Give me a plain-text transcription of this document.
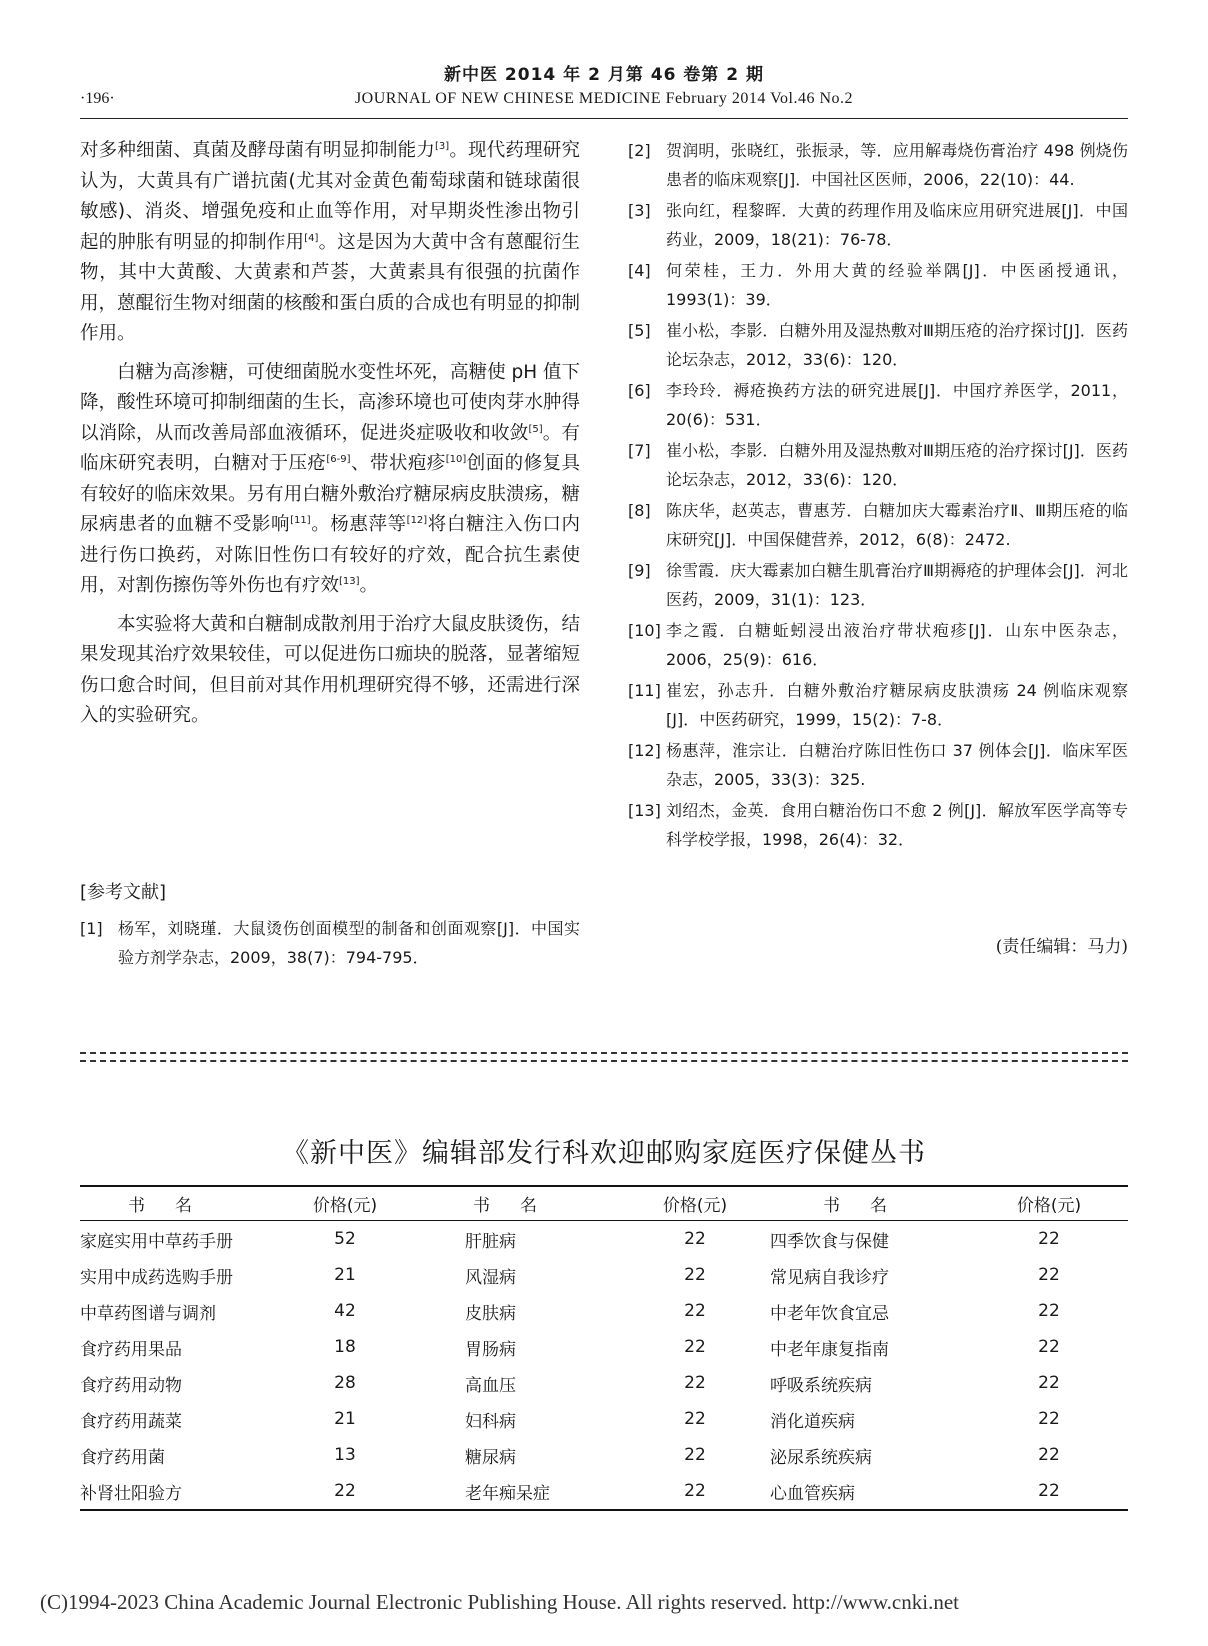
新中医 2014 年 2 月第 46 卷第 2 期
·196·	JOURNAL OF NEW CHINESE MEDICINE February 2014 Vol.46 No.2

对多种细菌、真菌及酵母菌有明显抑制能力[3]。现代药理研究认为，大黄具有广谱抗菌(尤其对金黄色葡萄球菌和链球菌很敏感)、消炎、增强免疫和止血等作用，对早期炎性渗出物引起的肿胀有明显的抑制作用[4]。这是因为大黄中含有蒽醌衍生物，其中大黄酸、大黄素和芦荟，大黄素具有很强的抗菌作用，蒽醌衍生物对细菌的核酸和蛋白质的合成也有明显的抑制作用。

白糖为高渗糖，可使细菌脱水变性坏死，高糖使 pH 值下降，酸性环境可抑制细菌的生长，高渗环境也可使肉芽水肿得以消除，从而改善局部血液循环，促进炎症吸收和收敛[5]。有临床研究表明，白糖对于压疮[6-9]、带状疱疹[10]创面的修复具有较好的临床效果。另有用白糖外敷治疗糖尿病皮肤溃疡，糖尿病患者的血糖不受影响[11]。杨惠萍等[12]将白糖注入伤口内进行伤口换药，对陈旧性伤口有较好的疗效，配合抗生素使用，对割伤擦伤等外伤也有疗效[13]。

本实验将大黄和白糖制成散剂用于治疗大鼠皮肤烫伤，结果发现其治疗效果较佳，可以促进伤口痂块的脱落，显著缩短伤口愈合时间，但目前对其作用机理研究得不够，还需进行深入的实验研究。

[参考文献]
[1] 杨军，刘晓瑾．大鼠烫伤创面模型的制备和创面观察[J]．中国实验方剂学杂志，2009，38(7)：794-795．
[2] 贺润明，张晓红，张振录，等．应用解毒烧伤膏治疗 498 例烧伤患者的临床观察[J]．中国社区医师，2006，22(10)：44.
[3] 张向红，程黎晖．大黄的药理作用及临床应用研究进展[J]．中国药业，2009，18(21)：76-78．
[4] 何荣桂，王力．外用大黄的经验举隅[J]．中医函授通讯，1993(1)：39．
[5] 崔小松，李影．白糖外用及湿热敷对Ⅲ期压疮的治疗探讨[J]．医药论坛杂志，2012，33(6)：120．
[6] 李玲玲．褥疮换药方法的研究进展[J]．中国疗养医学，2011，20(6)：531．
[7] 崔小松，李影．白糖外用及湿热敷对Ⅲ期压疮的治疗探讨[J]．医药论坛杂志，2012，33(6)：120．
[8] 陈庆华，赵英志，曹惠芳．白糖加庆大霉素治疗Ⅱ、Ⅲ期压疮的临床研究[J]．中国保健营养，2012，6(8)：2472.
[9] 徐雪霞．庆大霉素加白糖生肌膏治疗Ⅲ期褥疮的护理体会[J]．河北医药，2009，31(1)：123．
[10] 李之霞．白糖蚯蚓浸出液治疗带状疱疹[J]．山东中医杂志，2006，25(9)：616．
[11] 崔宏，孙志升．白糖外敷治疗糖尿病皮肤溃疡 24 例临床观察[J]．中医药研究，1999，15(2)：7-8．
[12] 杨惠萍，淮宗让．白糖治疗陈旧性伤口 37 例体会[J]．临床军医杂志，2005，33(3)：325.
[13] 刘绍杰，金英．食用白糖治伤口不愈 2 例[J]．解放军医学高等专科学校学报，1998，26(4)：32．
(责任编辑：马力)
《新中医》编辑部发行科欢迎邮购家庭医疗保健丛书
书名	价格(元)	书名	价格(元)	书名	价格(元)
家庭实用中草药手册	52	肝脏病	22	四季饮食与保健	22
实用中成药选购手册	21	风湿病	22	常见病自我诊疗	22
中草药图谱与调剂	42	皮肤病	22	中老年饮食宜忌	22
食疗药用果品	18	胃肠病	22	中老年康复指南	22
食疗药用动物	28	高血压	22	呼吸系统疾病	22
食疗药用蔬菜	21	妇科病	22	消化道疾病	22
食疗药用菌	13	糖尿病	22	泌尿系统疾病	22
补肾壮阳验方	22	老年痴呆症	22	心血管疾病	22
(C)1994-2023 China Academic Journal Electronic Publishing House. All rights reserved. http://www.cnki.net
